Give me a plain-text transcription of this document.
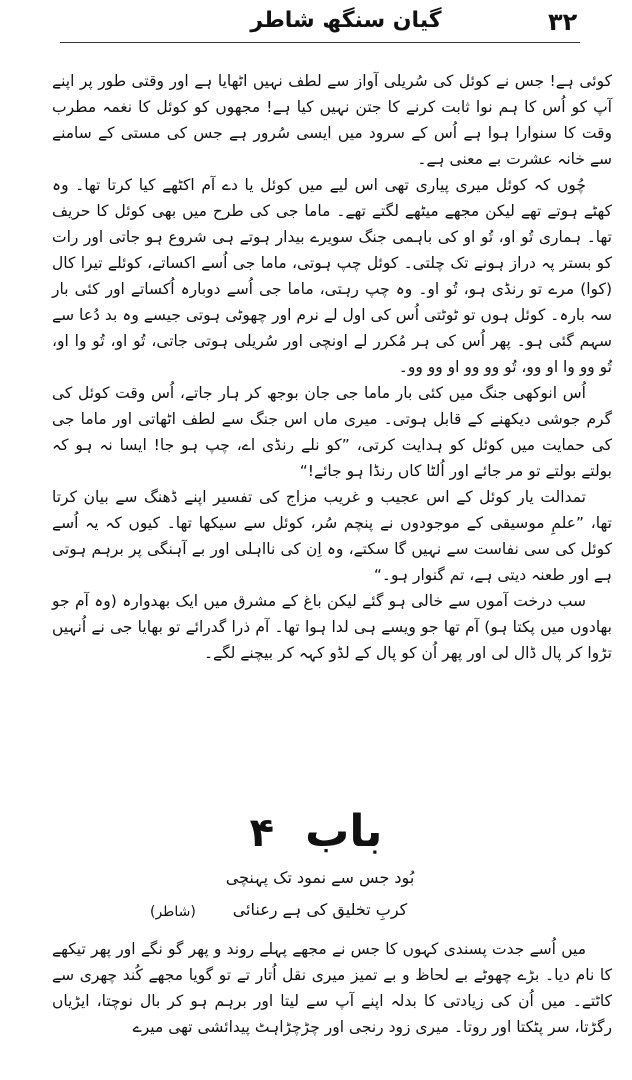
۳۲
گیان سنگھ شاطر

کوئی ہے! جس نے کوئل کی سُریلی آواز سے لطف نہیں اٹھایا ہے اور وقتی طور پر اپنے آپ کو اُس کا ہم نوا ثابت کرنے کا جتن نہیں کیا ہے! مجھوں کو کوئل کا نغمہ مطرب وقت کا سنوارا ہوا ہے اُس کے سرود میں ایسی سُرور ہے جس کی مستی کے سامنے سے خانہ عشرت بے معنی ہے۔

چُوں کہ کوئل میری پیاری تھی اس لیے میں کوئل یا دے آم اکٹھے کیا کرتا تھا۔ وہ کھٹے ہوتے تھے لیکن مجھے میٹھے لگتے تھے۔ ماما جی کی طرح میں بھی کوئل کا حریف تھا۔ ہماری تُو او، تُو او کی باہمی جنگ سویرے بیدار ہوتے ہی شروع ہو جاتی اور رات کو بستر پہ دراز ہونے تک چلتی۔ کوئل چپ ہوتی، ماما جی اُسے اکساتے، کوئلے تیرا کال (کوا) مرے تو رنڈی ہو، تُو او۔ وہ چپ رہتی، ماما جی اُسے دوبارہ اُکساتے اور کئی بار سہ بارہ۔ کوئل ہوں تو ٹوٹتی اُس کی اول لے نرم اور چھوٹی ہوتی جیسے وہ بد دُعا سے سہم گئی ہو۔ پھر اُس کی ہر مُکرر لے اونچی اور سُریلی ہوتی جاتی، تُو او، تُو وا او، تُو وو وا او وو، تُو وو وو او وو وو۔

اُس انوکھی جنگ میں کئی بار ماما جی جان بوجھ کر ہار جاتے، اُس وقت کوئل کی گرم جوشی دیکھنے کے قابل ہوتی۔ میری ماں اس جنگ سے لطف اٹھاتی اور ماما جی کی حمایت میں کوئل کو ہدایت کرتی، ”کو نلے رنڈی اے، چپ ہو جا! ایسا نہ ہو کہ بولتے بولتے تو مر جائے اور اُلٹا کاں رنڈا ہو جائے!“

تمدالت یار کوئل کے اس عجیب و غریب مزاج کی تفسیر اپنے ڈھنگ سے بیان کرتا تھا، ”علمِ موسیقی کے موجودوں نے پنچم سُر، کوئل سے سیکھا تھا۔ کیوں کہ یہ اُسے کوئل کی سی نفاست سے نہیں گا سکتے، وہ اِن کی نااہلی اور بے آہنگی پر برہم ہوتی ہے اور طعنہ دیتی ہے، تم گنوار ہو۔“

سب درخت آموں سے خالی ہو گئے لیکن باغ کے مشرق میں ایک بھدوارہ (وہ آم جو بھادوں میں پکتا ہو) آم تھا جو ویسے ہی لدا ہوا تھا۔ آم ذرا گدرائے تو بھایا جی نے اُنہیں تڑوا کر پال ڈال لی اور پھر اُن کو پال کے لڈو کہہ کر بیچنے لگے۔

باب ۴
بُود جس سے نمود تک پہنچی
کربِ تخلیق کی ہے رعنائی
(شاطر)

میں اُسے جدت پسندی کہوں کا جس نے مجھے پہلے روند و پھر گو نگے اور پھر تیکھے کا نام دیا۔ بڑے چھوٹے بے لحاظ و بے تمیز میری نقل اُتار تے تو گویا مجھے کُند چھری سے کاٹتے۔ میں اُن کی زیادتی کا بدلہ اپنے آپ سے لیتا اور برہم ہو کر بال نوچتا، ایڑیاں رگڑتا، سر پٹکتا اور روتا۔ میری زود رنجی اور چڑچڑاہٹ پیدائشی تھی میرے
